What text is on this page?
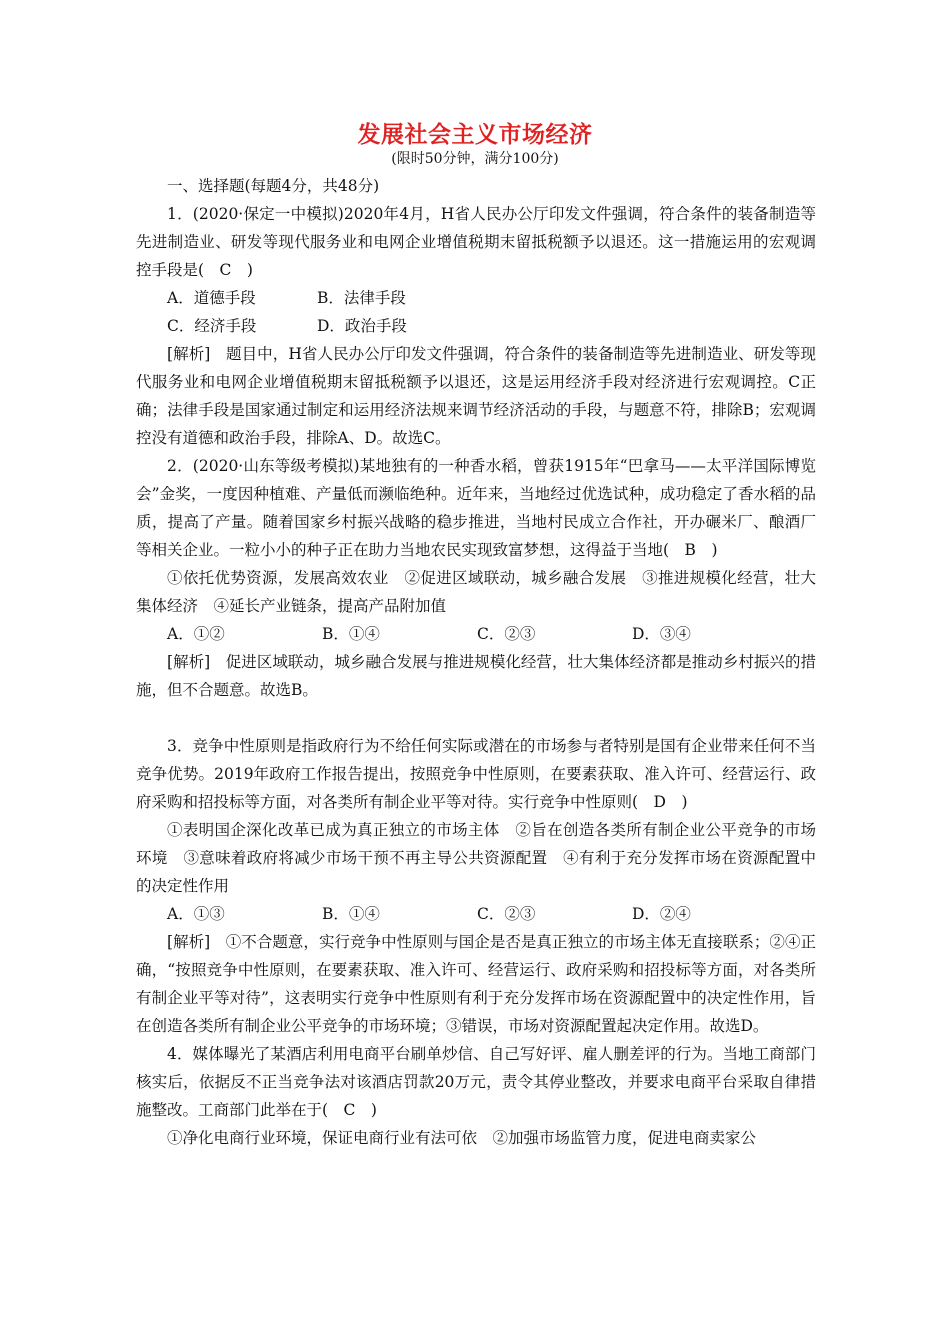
发展社会主义市场经济
(限时50分钟，满分100分)

一、选择题(每题4分，共48分)

1．(2020·保定一中模拟)2020年4月，H省人民办公厅印发文件强调，符合条件的装备制造等先进制造业、研发等现代服务业和电网企业增值税期末留抵税额予以退还。这一措施运用的宏观调控手段是(　C　)

A．道德手段	B．法律手段
C．经济手段	D．政治手段

[解析]　题目中，H省人民办公厅印发文件强调，符合条件的装备制造等先进制造业、研发等现代服务业和电网企业增值税期末留抵税额予以退还，这是运用经济手段对经济进行宏观调控。C正确；法律手段是国家通过制定和运用经济法规来调节经济活动的手段，与题意不符，排除B；宏观调控没有道德和政治手段，排除A、D。故选C。

2．(2020·山东等级考模拟)某地独有的一种香水稻，曾获1915年“巴拿马——太平洋国际博览会”金奖，一度因种植难、产量低而濒临绝种。近年来，当地经过优选试种，成功稳定了香水稻的品质，提高了产量。随着国家乡村振兴战略的稳步推进，当地村民成立合作社，开办碾米厂、酿酒厂等相关企业。一粒小小的种子正在助力当地农民实现致富梦想，这得益于当地(　B　)

①依托优势资源，发展高效农业　②促进区域联动，城乡融合发展　③推进规模化经营，壮大集体经济　④延长产业链条，提高产品附加值

A．①②	B．①④	C．②③	D．③④

[解析]　促进区域联动，城乡融合发展与推进规模化经营，壮大集体经济都是推动乡村振兴的措施，但不合题意。故选B。

3．竞争中性原则是指政府行为不给任何实际或潜在的市场参与者特别是国有企业带来任何不当竞争优势。2019年政府工作报告提出，按照竞争中性原则，在要素获取、准入许可、经营运行、政府采购和招投标等方面，对各类所有制企业平等对待。实行竞争中性原则(　D　)

①表明国企深化改革已成为真正独立的市场主体　②旨在创造各类所有制企业公平竞争的市场环境　③意味着政府将减少市场干预不再主导公共资源配置　④有利于充分发挥市场在资源配置中的决定性作用

A．①③	B．①④	C．②③	D．②④

[解析]　①不合题意，实行竞争中性原则与国企是否是真正独立的市场主体无直接联系；②④正确，“按照竞争中性原则，在要素获取、准入许可、经营运行、政府采购和招投标等方面，对各类所有制企业平等对待”，这表明实行竞争中性原则有利于充分发挥市场在资源配置中的决定性作用，旨在创造各类所有制企业公平竞争的市场环境；③错误，市场对资源配置起决定作用。故选D。

4．媒体曝光了某酒店利用电商平台刷单炒信、自己写好评、雇人删差评的行为。当地工商部门核实后，依据反不正当竞争法对该酒店罚款20万元，责令其停业整改，并要求电商平台采取自律措施整改。工商部门此举在于(　C　)

①净化电商行业环境，保证电商行业有法可依　②加强市场监管力度，促进电商卖家公
